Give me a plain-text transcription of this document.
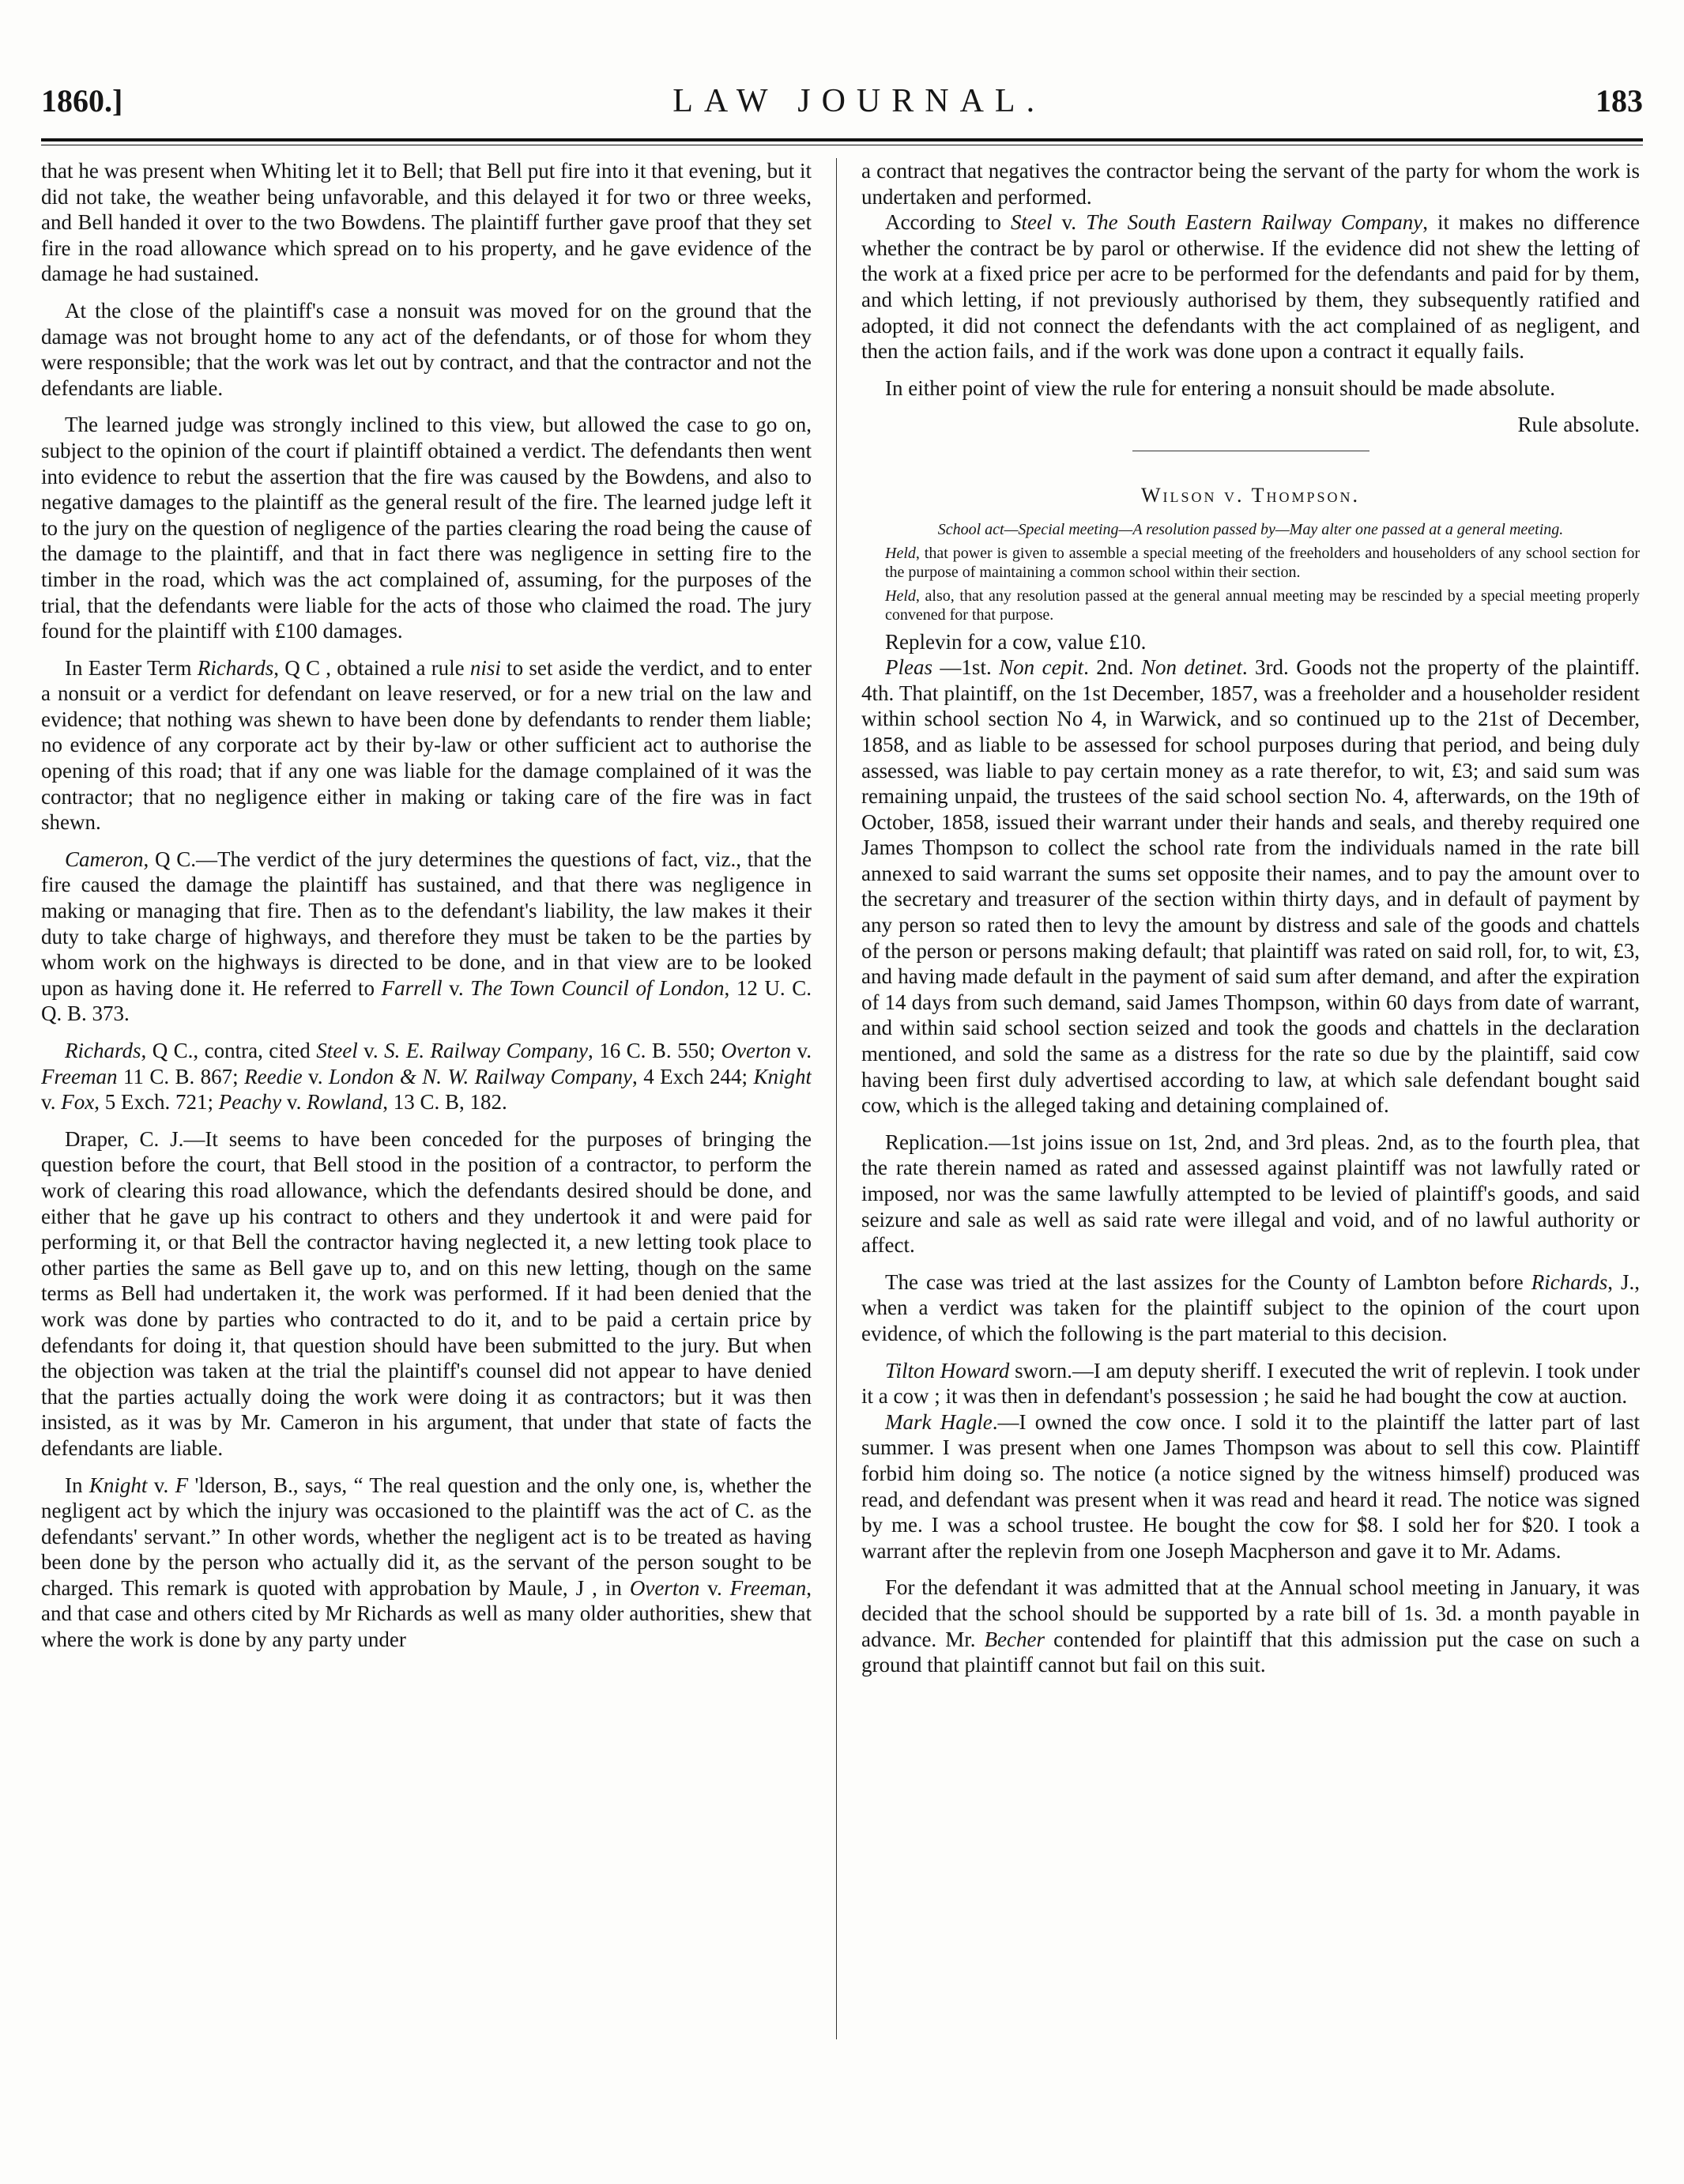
1860.]	LAW JOURNAL.	183

that he was present when Whiting let it to Bell; that Bell put fire into it that evening, but it did not take, the weather being unfavorable, and this delayed it for two or three weeks, and Bell handed it over to the two Bowdens. The plaintiff further gave proof that they set fire in the road allowance which spread on to his property, and he gave evidence of the damage he had sustained.

At the close of the plaintiff's case a nonsuit was moved for on the ground that the damage was not brought home to any act of the defendants, or of those for whom they were responsible; that the work was let out by contract, and that the contractor and not the defendants are liable.

The learned judge was strongly inclined to this view, but allowed the case to go on, subject to the opinion of the court if plaintiff obtained a verdict. The defendants then went into evidence to rebut the assertion that the fire was caused by the Bowdens, and also to negative damages to the plaintiff as the general result of the fire. The learned judge left it to the jury on the question of negligence of the parties clearing the road being the cause of the damage to the plaintiff, and that in fact there was negligence in setting fire to the timber in the road, which was the act complained of, assuming, for the purposes of the trial, that the defendants were liable for the acts of those who claimed the road. The jury found for the plaintiff with £100 damages.

In Easter Term Richards, Q C , obtained a rule nisi to set aside the verdict, and to enter a nonsuit or a verdict for defendant on leave reserved, or for a new trial on the law and evidence; that nothing was shewn to have been done by defendants to render them liable; no evidence of any corporate act by their by-law or other sufficient act to authorise the opening of this road; that if any one was liable for the damage complained of it was the contractor; that no negligence either in making or taking care of the fire was in fact shewn.

Cameron, Q C.—The verdict of the jury determines the questions of fact, viz., that the fire caused the damage the plaintiff has sustained, and that there was negligence in making or managing that fire. Then as to the defendant's liability, the law makes it their duty to take charge of highways, and therefore they must be taken to be the parties by whom work on the highways is directed to be done, and in that view are to be looked upon as having done it. He referred to Farrell v. The Town Council of London, 12 U. C. Q. B. 373.

Richards, Q C., contra, cited Steel v. S. E. Railway Company, 16 C. B. 550; Overton v. Freeman 11 C. B. 867; Reedie v. London & N. W. Railway Company, 4 Exch 244; Knight v. Fox, 5 Exch. 721; Peachy v. Rowland, 13 C. B, 182.

Draper, C. J.—It seems to have been conceded for the purposes of bringing the question before the court, that Bell stood in the position of a contractor, to perform the work of clearing this road allowance, which the defendants desired should be done, and either that he gave up his contract to others and they undertook it and were paid for performing it, or that Bell the contractor having neglected it, a new letting took place to other parties the same as Bell gave up to, and on this new letting, though on the same terms as Bell had undertaken it, the work was performed. If it had been denied that the work was done by parties who contracted to do it, and to be paid a certain price by defendants for doing it, that question should have been submitted to the jury. But when the objection was taken at the trial the plaintiff's counsel did not appear to have denied that the parties actually doing the work were doing it as contractors; but it was then insisted, as it was by Mr. Cameron in his argument, that under that state of facts the defendants are liable.

In Knight v. F 'lderson, B., says, “ The real question and the only one, is, whether the negligent act by which the injury was occasioned to the plaintiff was the act of C. as the defendants' servant.” In other words, whether the negligent act is to be treated as having been done by the person who actually did it, as the servant of the person sought to be charged. This remark is quoted with approbation by Maule, J , in Overton v. Freeman, and that case and others cited by Mr Richards as well as many older authorities, shew that where the work is done by any party under

a contract that negatives the contractor being the servant of the party for whom the work is undertaken and performed.

According to Steel v. The South Eastern Railway Company, it makes no difference whether the contract be by parol or otherwise. If the evidence did not shew the letting of the work at a fixed price per acre to be performed for the defendants and paid for by them, and which letting, if not previously authorised by them, they subsequently ratified and adopted, it did not connect the defendants with the act complained of as negligent, and then the action fails, and if the work was done upon a contract it equally fails.

In either point of view the rule for entering a nonsuit should be made absolute.

Rule absolute.

Wilson v. Thompson.

School act—Special meeting—A resolution passed by—May alter one passed at a general meeting.

Held, that power is given to assemble a special meeting of the freeholders and householders of any school section for the purpose of maintaining a common school within their section.

Held, also, that any resolution passed at the general annual meeting may be rescinded by a special meeting properly convened for that purpose.

Replevin for a cow, value £10.

Pleas —1st. Non cepit. 2nd. Non detinet. 3rd. Goods not the property of the plaintiff. 4th. That plaintiff, on the 1st December, 1857, was a freeholder and a householder resident within school section No 4, in Warwick, and so continued up to the 21st of December, 1858, and as liable to be assessed for school purposes during that period, and being duly assessed, was liable to pay certain money as a rate therefor, to wit, £3; and said sum was remaining unpaid, the trustees of the said school section No. 4, afterwards, on the 19th of October, 1858, issued their warrant under their hands and seals, and thereby required one James Thompson to collect the school rate from the individuals named in the rate bill annexed to said warrant the sums set opposite their names, and to pay the amount over to the secretary and treasurer of the section within thirty days, and in default of payment by any person so rated then to levy the amount by distress and sale of the goods and chattels of the person or persons making default; that plaintiff was rated on said roll, for, to wit, £3, and having made default in the payment of said sum after demand, and after the expiration of 14 days from such demand, said James Thompson, within 60 days from date of warrant, and within said school section seized and took the goods and chattels in the declaration mentioned, and sold the same as a distress for the rate so due by the plaintiff, said cow having been first duly advertised according to law, at which sale defendant bought said cow, which is the alleged taking and detaining complained of.

Replication.—1st joins issue on 1st, 2nd, and 3rd pleas. 2nd, as to the fourth plea, that the rate therein named as rated and assessed against plaintiff was not lawfully rated or imposed, nor was the same lawfully attempted to be levied of plaintiff's goods, and said seizure and sale as well as said rate were illegal and void, and of no lawful authority or affect.

The case was tried at the last assizes for the County of Lambton before Richards, J., when a verdict was taken for the plaintiff subject to the opinion of the court upon evidence, of which the following is the part material to this decision.

Tilton Howard sworn.—I am deputy sheriff. I executed the writ of replevin. I took under it a cow ; it was then in defendant's possession ; he said he had bought the cow at auction.

Mark Hagle.—I owned the cow once. I sold it to the plaintiff the latter part of last summer. I was present when one James Thompson was about to sell this cow. Plaintiff forbid him doing so. The notice (a notice signed by the witness himself) produced was read, and defendant was present when it was read and heard it read. The notice was signed by me. I was a school trustee. He bought the cow for $8. I sold her for $20. I took a warrant after the replevin from one Joseph Macpherson and gave it to Mr. Adams.

For the defendant it was admitted that at the Annual school meeting in January, it was decided that the school should be supported by a rate bill of 1s. 3d. a month payable in advance. Mr. Becher contended for plaintiff that this admission put the case on such a ground that plaintiff cannot but fail on this suit.
